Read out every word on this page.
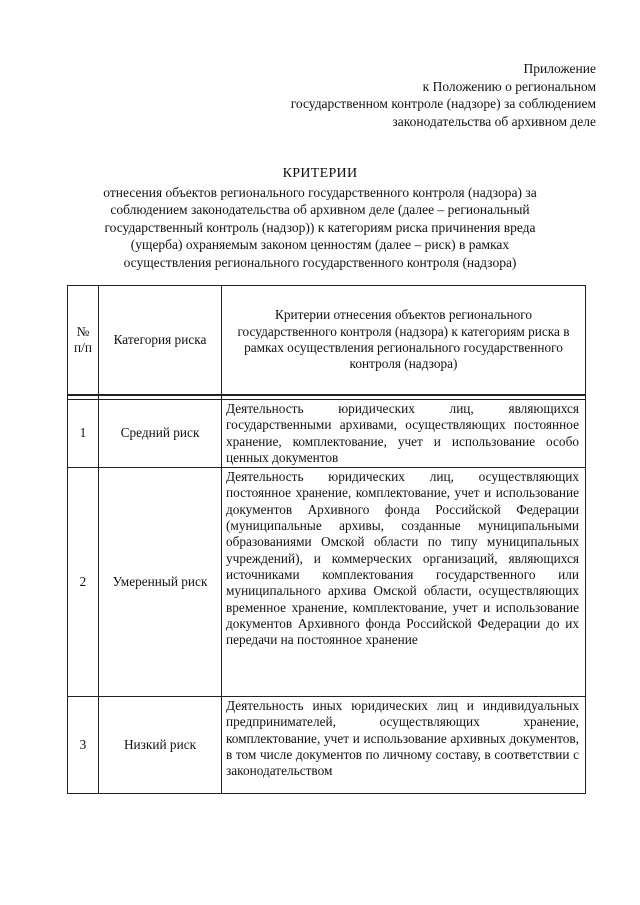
Приложение
к Положению о региональном
государственном контроле (надзоре) за соблюдением
законодательства об архивном деле
КРИТЕРИИ
отнесения объектов регионального государственного контроля (надзора) за
соблюдением законодательства об архивном деле (далее – региональный
государственный контроль (надзор)) к категориям риска причинения вреда
(ущерба) охраняемым законом ценностям (далее – риск) в рамках
осуществления регионального государственного контроля (надзора)
№ п/п	Категория риска	Критерии отнесения объектов регионального государственного контроля (надзора) к категориям риска в рамках осуществления регионального государственного контроля (надзора)

1	Средний риск	Деятельность юридических лиц, являющихся государственными архивами, осуществляющих постоянное хранение, комплектование, учет и использование особо ценных документов

2	Умеренный риск	Деятельность юридических лиц, осуществляющих постоянное хранение, комплектование, учет и использование документов Архивного фонда Российской Федерации (муниципальные архивы, созданные муниципальными образованиями Омской области по типу муниципальных учреждений), и коммерческих организаций, являющихся источниками комплектования государственного или муниципального архива Омской области, осуществляющих временное хранение, комплектование, учет и использование документов Архивного фонда Российской Федерации до их передачи на постоянное хранение

3	Низкий риск	Деятельность иных юридических лиц и индивидуальных предпринимателей, осуществляющих хранение, комплектование, учет и использование архивных документов, в том числе документов по личному составу, в соответствии с законодательством
